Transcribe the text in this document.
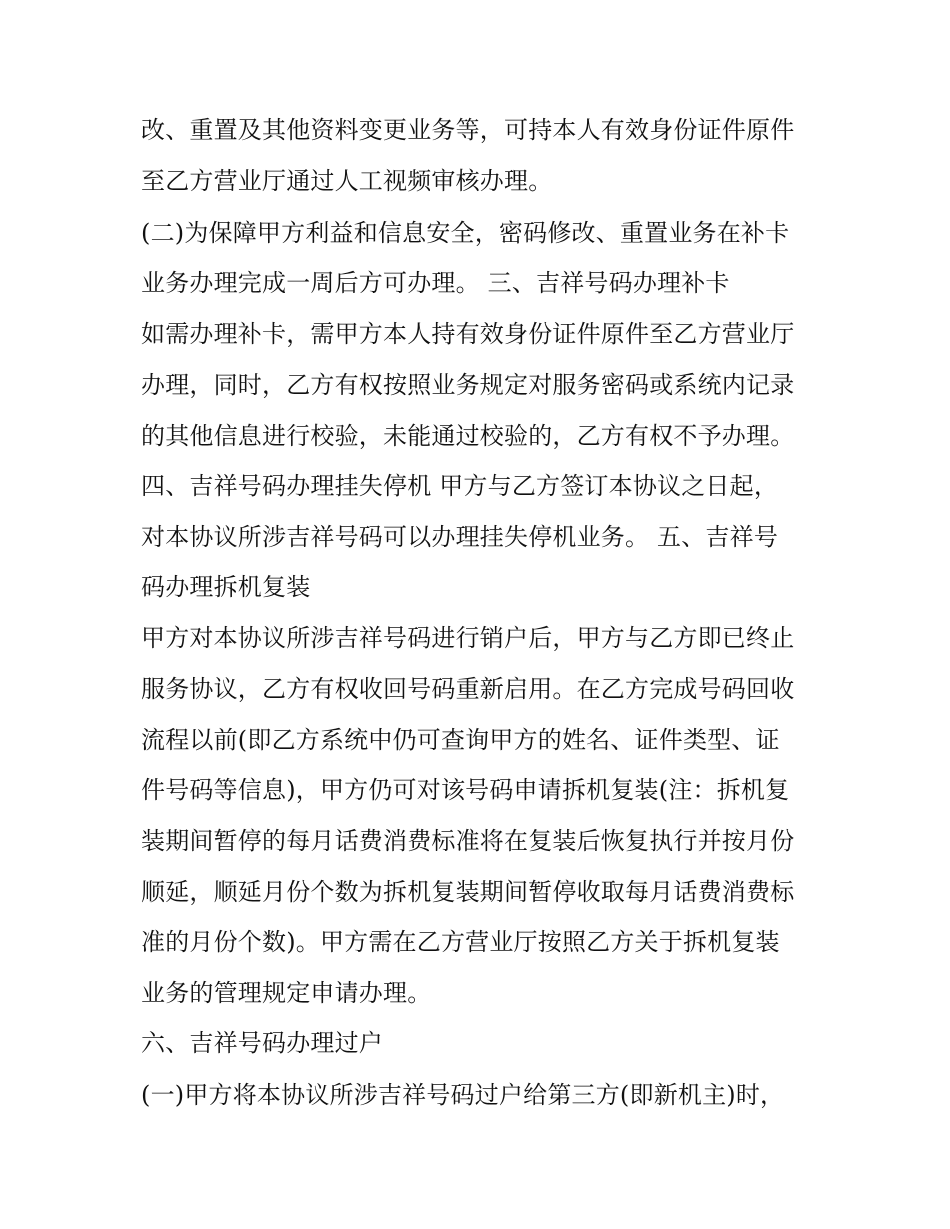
改、重置及其他资料变更业务等，可持本人有效身份证件原件
至乙方营业厅通过人工视频审核办理。
(二)为保障甲方利益和信息安全，密码修改、重置业务在补卡
业务办理完成一周后方可办理。 三、吉祥号码办理补卡
如需办理补卡，需甲方本人持有效身份证件原件至乙方营业厅
办理，同时，乙方有权按照业务规定对服务密码或系统内记录
的其他信息进行校验，未能通过校验的，乙方有权不予办理。
四、吉祥号码办理挂失停机 甲方与乙方签订本协议之日起，
对本协议所涉吉祥号码可以办理挂失停机业务。 五、吉祥号
码办理拆机复装
甲方对本协议所涉吉祥号码进行销户后，甲方与乙方即已终止
服务协议，乙方有权收回号码重新启用。在乙方完成号码回收
流程以前(即乙方系统中仍可查询甲方的姓名、证件类型、证
件号码等信息)，甲方仍可对该号码申请拆机复装(注：拆机复
装期间暂停的每月话费消费标准将在复装后恢复执行并按月份
顺延，顺延月份个数为拆机复装期间暂停收取每月话费消费标
准的月份个数)。甲方需在乙方营业厅按照乙方关于拆机复装
业务的管理规定申请办理。
六、吉祥号码办理过户
(一)甲方将本协议所涉吉祥号码过户给第三方(即新机主)时，
